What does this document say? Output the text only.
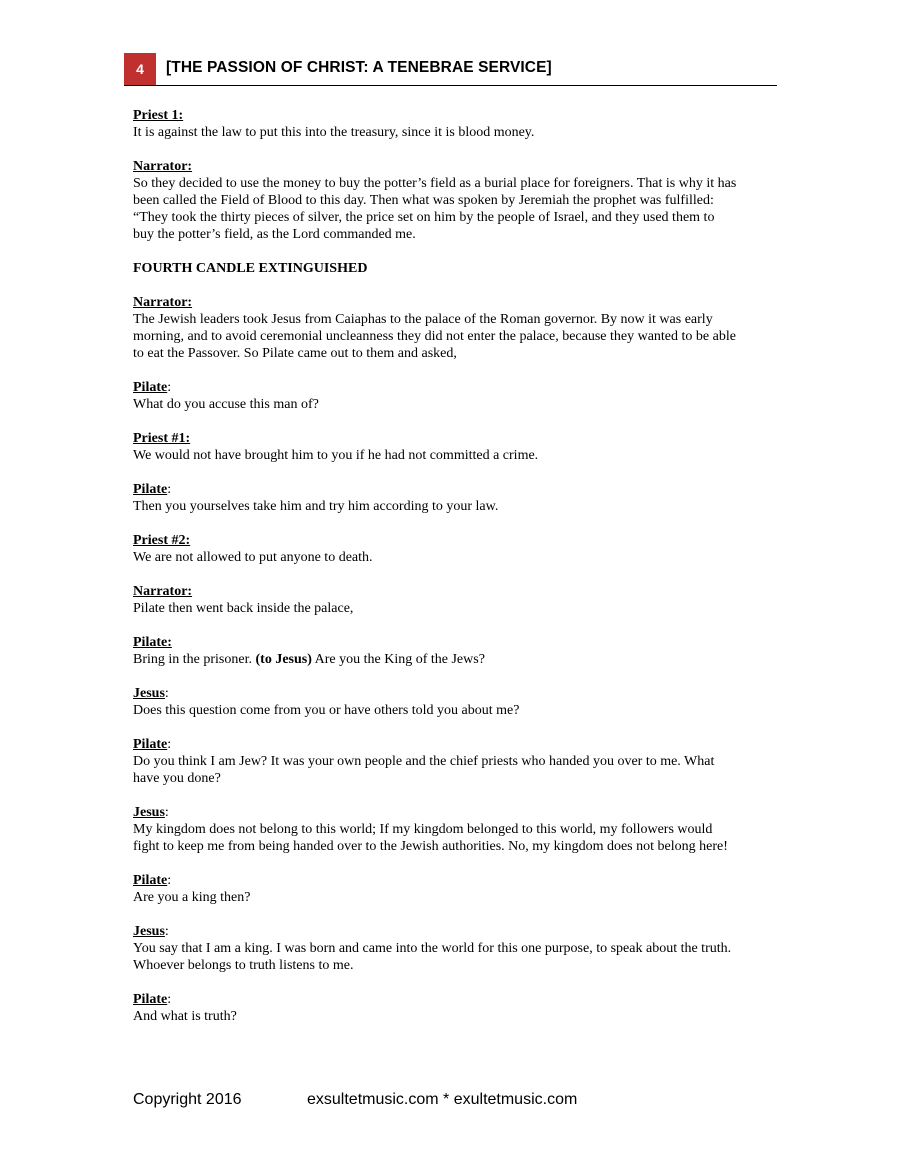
4	[THE PASSION OF CHRIST: A TENEBRAE SERVICE]
Priest 1:
It is against the law to put this into the treasury, since it is blood money.
Narrator:
So they decided to use the money to buy the potter’s field as a burial place for foreigners. That is why it has
been called the Field of Blood to this day. Then what was spoken by Jeremiah the prophet was fulfilled:
“They took the thirty pieces of silver, the price set on him by the people of Israel, and they used them to
buy the potter’s field, as the Lord commanded me.
FOURTH CANDLE EXTINGUISHED
Narrator:
The Jewish leaders took Jesus from Caiaphas to the palace of the Roman governor. By now it was early
morning, and to avoid ceremonial uncleanness they did not enter the palace, because they wanted to be able
to eat the Passover. So Pilate came out to them and asked,
Pilate:
What do you accuse this man of?
Priest #1:
We would not have brought him to you if he had not committed a crime.
Pilate:
Then you yourselves take him and try him according to your law.
Priest #2:
We are not allowed to put anyone to death.
Narrator:
Pilate then went back inside the palace,
Pilate:
Bring in the prisoner. (to Jesus) Are you the King of the Jews?
Jesus:
Does this question come from you or have others told you about me?
Pilate:
Do you think I am Jew? It was your own people and the chief priests who handed you over to me. What
have you done?
Jesus:
My kingdom does not belong to this world; If my kingdom belonged to this world, my followers would
fight to keep me from being handed over to the Jewish authorities. No, my kingdom does not belong here!
Pilate:
Are you a king then?
Jesus:
You say that I am a king. I was born and came into the world for this one purpose, to speak about the truth.
Whoever belongs to truth listens to me.
Pilate:
And what is truth?
Copyright 2016	exsultetmusic.com * exultetmusic.com
